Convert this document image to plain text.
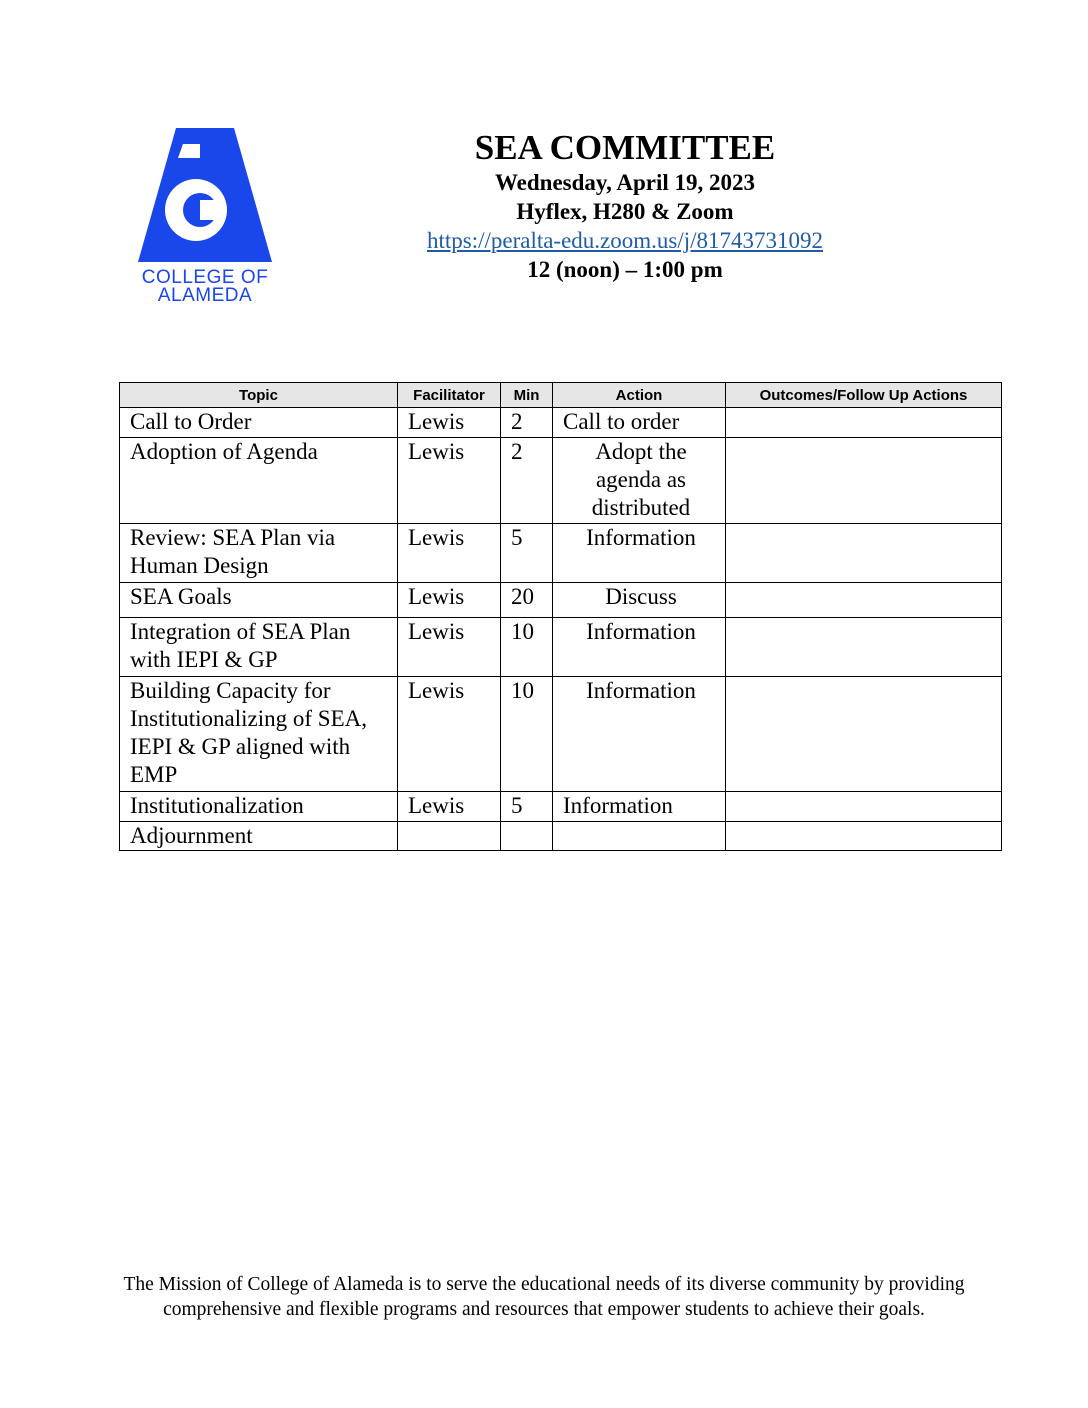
COLLEGE OF
ALAMEDA
SEA COMMITTEE
Wednesday, April 19, 2023
Hyflex, H280 & Zoom
https://peralta-edu.zoom.us/j/81743731092
12 (noon) – 1:00 pm
Topic	Facilitator	Min	Action	Outcomes/Follow Up Actions
Call to Order	Lewis	2	Call to order	
Adoption of Agenda	Lewis	2	Adopt the agenda as distributed	
Review: SEA Plan via Human Design	Lewis	5	Information	
SEA Goals	Lewis	20	Discuss	
Integration of SEA Plan with IEPI & GP	Lewis	10	Information	
Building Capacity for Institutionalizing of SEA, IEPI & GP aligned with EMP	Lewis	10	Information	
Institutionalization	Lewis	5	Information	
Adjournment				
The Mission of College of Alameda is to serve the educational needs of its diverse community by providing comprehensive and flexible programs and resources that empower students to achieve their goals.
